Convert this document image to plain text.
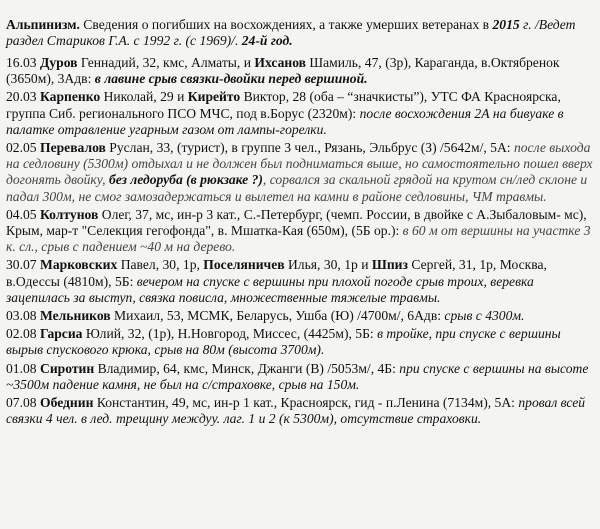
Альпинизм. Сведения о погибших на восхождениях, а также умерших ветеранах в 2015 г. /Ведет раздел Стариков Г.А. с 1992 г. (с 1969)/. 24-й год.

16.03 Дуров Геннадий, 32, кмс, Алматы, и Ихсанов Шамиль, 47, (3р), Караганда, в.Октябренок (3650м), 3Адв: в лавине срыв связки-двойки перед вершиной.

20.03 Карпенко Николай, 29 и Кирейто Виктор, 28 (оба – “значкисты”), УТС ФА Красноярска, группа Сиб. регионального ПСО МЧС, под в.Борус (2320м): после восхождения 2А на бивуаке в палатке отравление угарным газом от лампы-горелки.

02.05 Перевалов Руслан, 33, (турист), в группе 3 чел., Рязань, Эльбрус (З) /5642м/, 5А: после выхода на седловину (5300м) отдыхал и не должен был подниматься выше, но самостоятельно пошел вверх догонять двойку, без ледоруба (в рюкзаке ?), сорвался за скальной грядой на крутом сн/лед склоне и падал 300м, не смог замозадержаться и вылетел на камни в районе седловины, ЧМ травмы.

04.05 Колтунов Олег, 37, мс, ин-р 3 кат., С.-Петербург, (чемп. России, в двойке с А.Зыбаловым- мс), Крым, мар-т "Селекция гегофонда", в. Мшатка-Кая (650м), (5Б ор.): в 60 м от вершины на участке 3 к. сл., срыв с падением ~40 м на дерево.

30.07 Марковских Павел, 30, 1р, Поселяничев Илья, 30, 1р и Шпиз Сергей, 31, 1р, Москва, в.Одессы (4810м), 5Б: вечером на спуске с вершины при плохой погоде срыв троих, веревка зацепилась за выступ, связка повисла, множественные тяжелые травмы.

03.08 Мельников Михаил, 53, МСМК, Беларусь, Ушба (Ю) /4700м/, 6Адв: срыв с 4300м.

02.08 Гарсиа Юлий, 32, (1р), Н.Новгород, Миссес, (4425м), 5Б: в тройке, при спуске с вершины вырыв спускового крюка, срыв на 80м (высота 3700м).

01.08 Сиротин Владимир, 64, кмс, Минск, Джанги (В) /5053м/, 4Б: при спуске с вершины на высоте ~3500м падение камня, не был на с/страховке, срыв на 150м.

07.08 Обеднин Константин, 49, мс, ин-р 1 кат., Красноярск, гид - п.Ленина (7134м), 5А: провал всей связки 4 чел. в лед. трещину междуу. лаг. 1 и 2 (к 5300м), отсутствие страховки.
